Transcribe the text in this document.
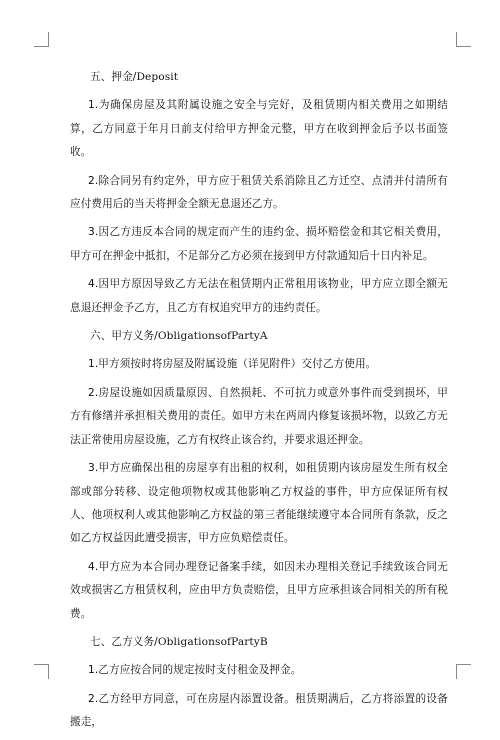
五、押金/Deposit
1.为确保房屋及其附属设施之安全与完好，及租赁期内相关费用之如期结算，乙方同意于年月日前支付给甲方押金元整，甲方在收到押金后予以书面签收。
2.除合同另有约定外，甲方应于租赁关系消除且乙方迁空、点清并付清所有应付费用后的当天将押金全额无息退还乙方。
3.因乙方违反本合同的规定而产生的违约金、损坏赔偿金和其它相关费用，甲方可在押金中抵扣，不足部分乙方必须在接到甲方付款通知后十日内补足。
4.因甲方原因导致乙方无法在租赁期内正常租用该物业，甲方应立即全额无息退还押金予乙方，且乙方有权追究甲方的违约责任。
六、甲方义务/ObligationsofPartyA
1.甲方须按时将房屋及附属设施（详见附件）交付乙方使用。
2.房屋设施如因质量原因、自然损耗、不可抗力或意外事件而受到损坏，甲方有修缮并承担相关费用的责任。如甲方未在两周内修复该损坏物，以致乙方无法正常使用房屋设施，乙方有权终止该合约，并要求退还押金。
3.甲方应确保出租的房屋享有出租的权利，如租赁期内该房屋发生所有权全部或部分转移、设定他项物权或其他影响乙方权益的事件，甲方应保证所有权人、他项权利人或其他影响乙方权益的第三者能继续遵守本合同所有条款，反之如乙方权益因此遭受损害，甲方应负赔偿责任。
4.甲方应为本合同办理登记备案手续，如因未办理相关登记手续致该合同无效或损害乙方租赁权利，应由甲方负责赔偿，且甲方应承担该合同相关的所有税费。
七、乙方义务/ObligationsofPartyB
1.乙方应按合同的规定按时支付租金及押金。
2.乙方经甲方同意，可在房屋内添置设备。租赁期满后，乙方将添置的设备搬走，
